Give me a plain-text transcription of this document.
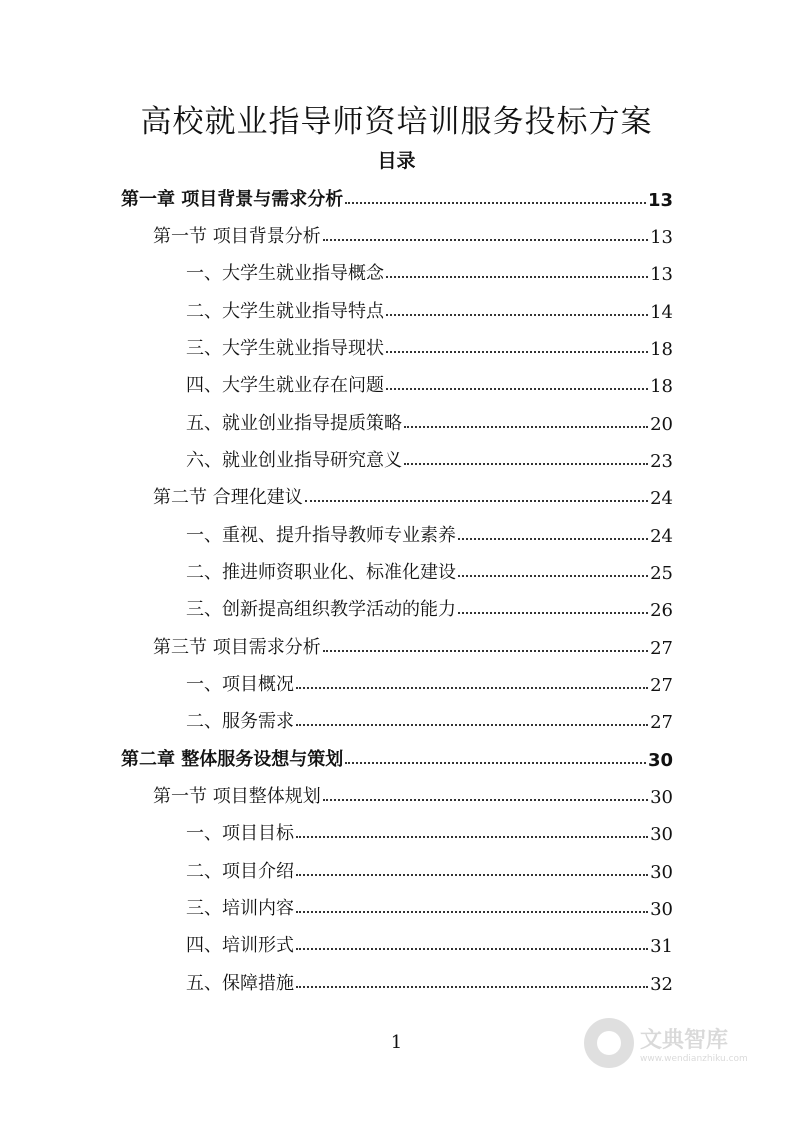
高校就业指导师资培训服务投标方案
目录
第一章 项目背景与需求分析	13
第一节 项目背景分析	13
一、大学生就业指导概念	13
二、大学生就业指导特点	14
三、大学生就业指导现状	18
四、大学生就业存在问题	18
五、就业创业指导提质策略	20
六、就业创业指导研究意义	23
第二节 合理化建议	24
一、重视、提升指导教师专业素养	24
二、推进师资职业化、标准化建设	25
三、创新提高组织教学活动的能力	26
第三节 项目需求分析	27
一、项目概况	27
二、服务需求	27
第二章 整体服务设想与策划	30
第一节 项目整体规划	30
一、项目目标	30
二、项目介绍	30
三、培训内容	30
四、培训形式	31
五、保障措施	32
1	文典智库
www.wendianzhiku.com
